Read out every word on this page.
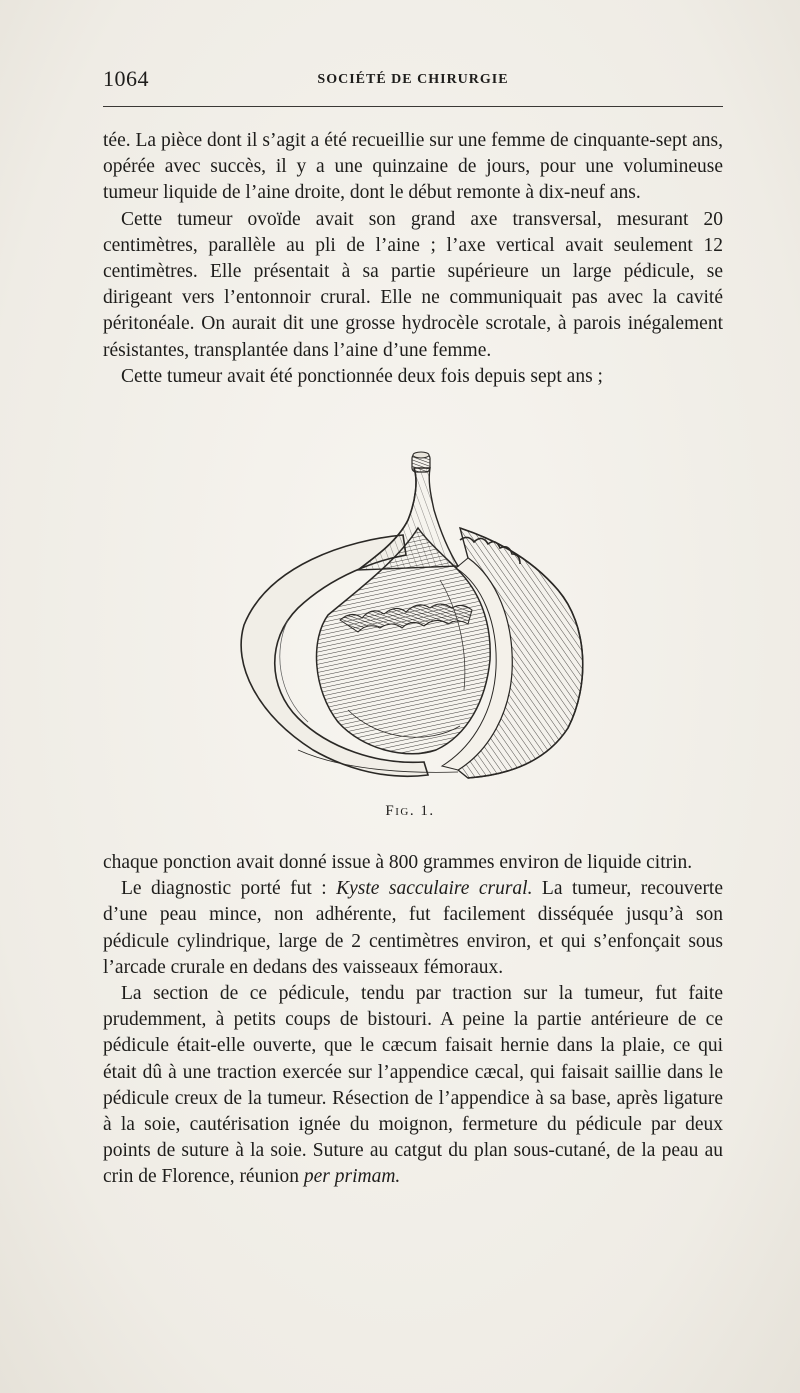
1064	SOCIÉTÉ DE CHIRURGIE

tée. La pièce dont il s’agit a été recueillie sur une femme de cinquante-sept ans, opérée avec succès, il y a une quinzaine de jours, pour une volumineuse tumeur liquide de l’aine droite, dont le début remonte à dix-neuf ans.

Cette tumeur ovoïde avait son grand axe transversal, mesurant 20 centimètres, parallèle au pli de l’aine ; l’axe vertical avait seulement 12 centimètres. Elle présentait à sa partie supérieure un large pédicule, se dirigeant vers l’entonnoir crural. Elle ne communiquait pas avec la cavité péritonéale. On aurait dit une grosse hydrocèle scrotale, à parois inégalement résistantes, transplantée dans l’aine d’une femme.

Cette tumeur avait été ponctionnée deux fois depuis sept ans ;

Fig. 1.

chaque ponction avait donné issue à 800 grammes environ de liquide citrin.

Le diagnostic porté fut : Kyste sacculaire crural. La tumeur, recouverte d’une peau mince, non adhérente, fut facilement disséquée jusqu’à son pédicule cylindrique, large de 2 centimètres environ, et qui s’enfonçait sous l’arcade crurale en dedans des vaisseaux fémoraux.

La section de ce pédicule, tendu par traction sur la tumeur, fut faite prudemment, à petits coups de bistouri. A peine la partie antérieure de ce pédicule était-elle ouverte, que le cæcum faisait hernie dans la plaie, ce qui était dû à une traction exercée sur l’appendice cæcal, qui faisait saillie dans le pédicule creux de la tumeur. Résection de l’appendice à sa base, après ligature à la soie, cautérisation ignée du moignon, fermeture du pédicule par deux points de suture à la soie. Suture au catgut du plan sous-cutané, de la peau au crin de Florence, réunion per primam.
